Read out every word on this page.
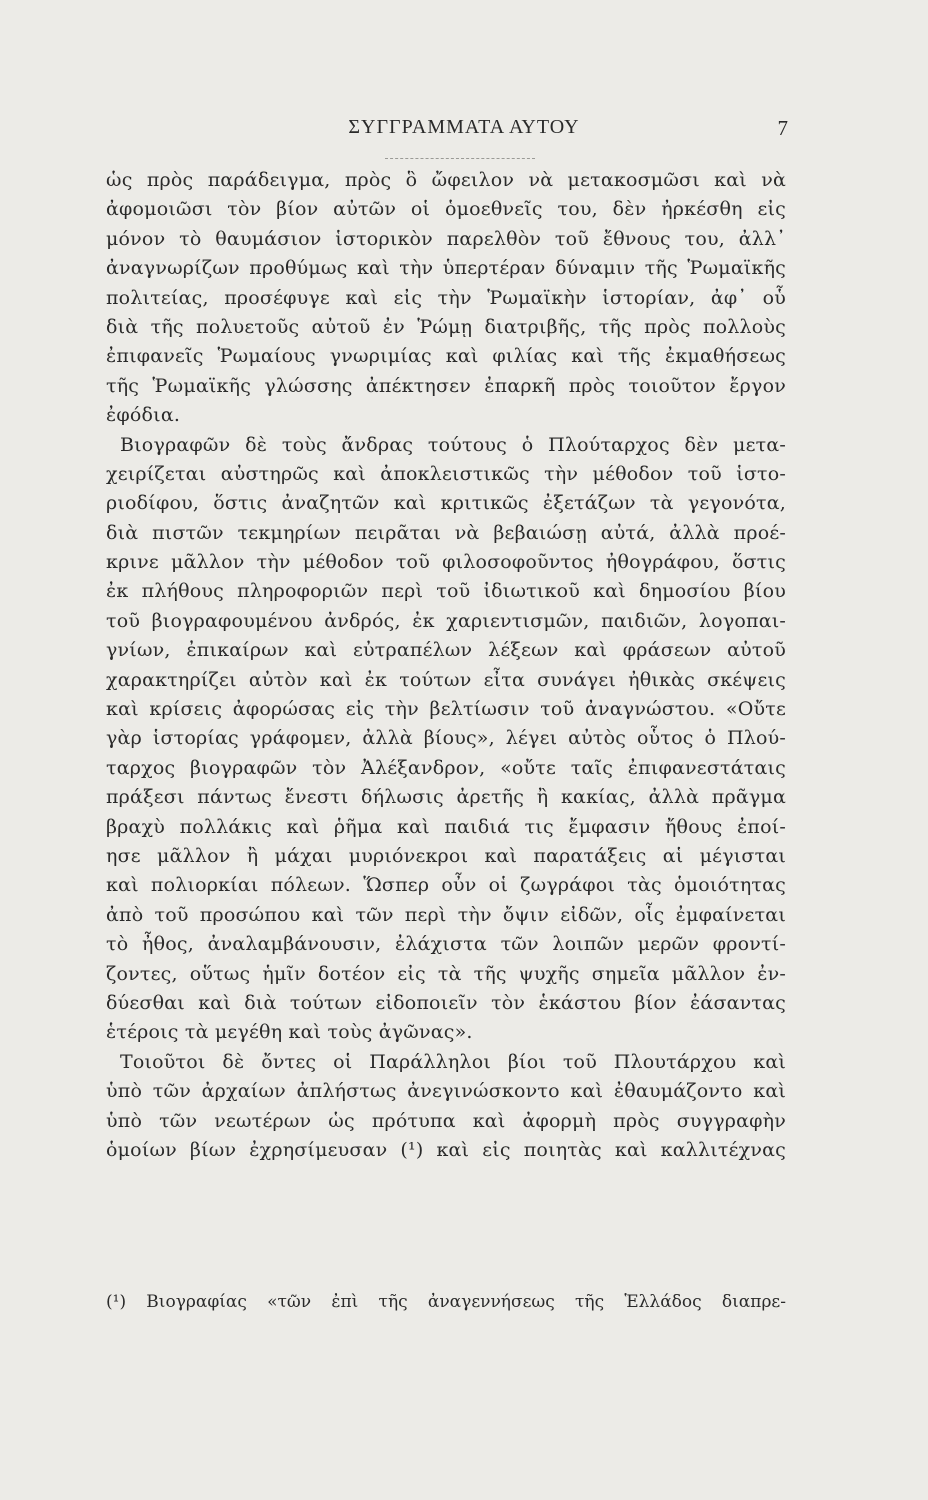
ΣΥΓΓΡΑΜΜΑΤΑ ΑΥΤΟΥ	7
ὡς πρὸς παράδειγμα, πρὸς ὃ ὤφειλον νὰ μετακοσμῶσι καὶ νὰ
ἀφομοιῶσι τὸν βίον αὐτῶν οἱ ὁμοεθνεῖς του, δὲν ἠρκέσθη εἰς
μόνον τὸ θαυμάσιον ἱστορικὸν παρελθὸν τοῦ ἔθνους του, ἀλλ᾽
ἀναγνωρίζων προθύμως καὶ τὴν ὑπερτέραν δύναμιν τῆς Ῥωμαϊκῆς
πολιτείας, προσέφυγε καὶ εἰς τὴν Ῥωμαϊκὴν ἱστορίαν, ἀφ᾽ οὗ
διὰ τῆς πολυετοῦς αὐτοῦ ἐν Ῥώμῃ διατριβῆς, τῆς πρὸς πολλοὺς
ἐπιφανεῖς Ῥωμαίους γνωριμίας καὶ φιλίας καὶ τῆς ἐκμαθήσεως
τῆς Ῥωμαϊκῆς γλώσσης ἀπέκτησεν ἐπαρκῆ πρὸς τοιοῦτον ἔργον
ἐφόδια.
Βιογραφῶν δὲ τοὺς ἄνδρας τούτους ὁ Πλούταρχος δὲν μετα-
χειρίζεται αὐστηρῶς καὶ ἀποκλειστικῶς τὴν μέθοδον τοῦ ἱστο-
ριοδίφου, ὅστις ἀναζητῶν καὶ κριτικῶς ἐξετάζων τὰ γεγονότα,
διὰ πιστῶν τεκμηρίων πειρᾶται νὰ βεβαιώσῃ αὐτά, ἀλλὰ προέ-
κρινε μᾶλλον τὴν μέθοδον τοῦ φιλοσοφοῦντος ἠθογράφου, ὅστις
ἐκ πλήθους πληροφοριῶν περὶ τοῦ ἰδιωτικοῦ καὶ δημοσίου βίου
τοῦ βιογραφουμένου ἀνδρός, ἐκ χαριεντισμῶν, παιδιῶν, λογοπαι-
γνίων, ἐπικαίρων καὶ εὐτραπέλων λέξεων καὶ φράσεων αὐτοῦ
χαρακτηρίζει αὐτὸν καὶ ἐκ τούτων εἶτα συνάγει ἠθικὰς σκέψεις
καὶ κρίσεις ἀφορώσας εἰς τὴν βελτίωσιν τοῦ ἀναγνώστου. «Οὔτε
γὰρ ἱστορίας γράφομεν, ἀλλὰ βίους», λέγει αὐτὸς οὗτος ὁ Πλού-
ταρχος βιογραφῶν τὸν Ἀλέξανδρον, «οὔτε ταῖς ἐπιφανεστάταις
πράξεσι πάντως ἔνεστι δήλωσις ἀρετῆς ἢ κακίας, ἀλλὰ πρᾶγμα
βραχὺ πολλάκις καὶ ῥῆμα καὶ παιδιά τις ἔμφασιν ἤθους ἐποί-
ησε μᾶλλον ἢ μάχαι μυριόνεκροι καὶ παρατάξεις αἱ μέγισται
καὶ πολιορκίαι πόλεων. Ὥσπερ οὖν οἱ ζωγράφοι τὰς ὁμοιότητας
ἀπὸ τοῦ προσώπου καὶ τῶν περὶ τὴν ὄψιν εἰδῶν, οἷς ἐμφαίνεται
τὸ ἦθος, ἀναλαμβάνουσιν, ἐλάχιστα τῶν λοιπῶν μερῶν φροντί-
ζοντες, οὕτως ἡμῖν δοτέον εἰς τὰ τῆς ψυχῆς σημεῖα μᾶλλον ἐν-
δύεσθαι καὶ διὰ τούτων εἰδοποιεῖν τὸν ἑκάστου βίον ἐάσαντας
ἑτέροις τὰ μεγέθη καὶ τοὺς ἀγῶνας».
Τοιοῦτοι δὲ ὄντες οἱ Παράλληλοι βίοι τοῦ Πλουτάρχου καὶ
ὑπὸ τῶν ἀρχαίων ἀπλήστως ἀνεγινώσκοντο καὶ ἐθαυμάζοντο καὶ
ὑπὸ τῶν νεωτέρων ὡς πρότυπα καὶ ἀφορμὴ πρὸς συγγραφὴν
ὁμοίων βίων ἐχρησίμευσαν (¹) καὶ εἰς ποιητὰς καὶ καλλιτέχνας
(¹) Βιογραφίας «τῶν ἐπὶ τῆς ἀναγεννήσεως τῆς Ἑλλάδος διαπρε-
